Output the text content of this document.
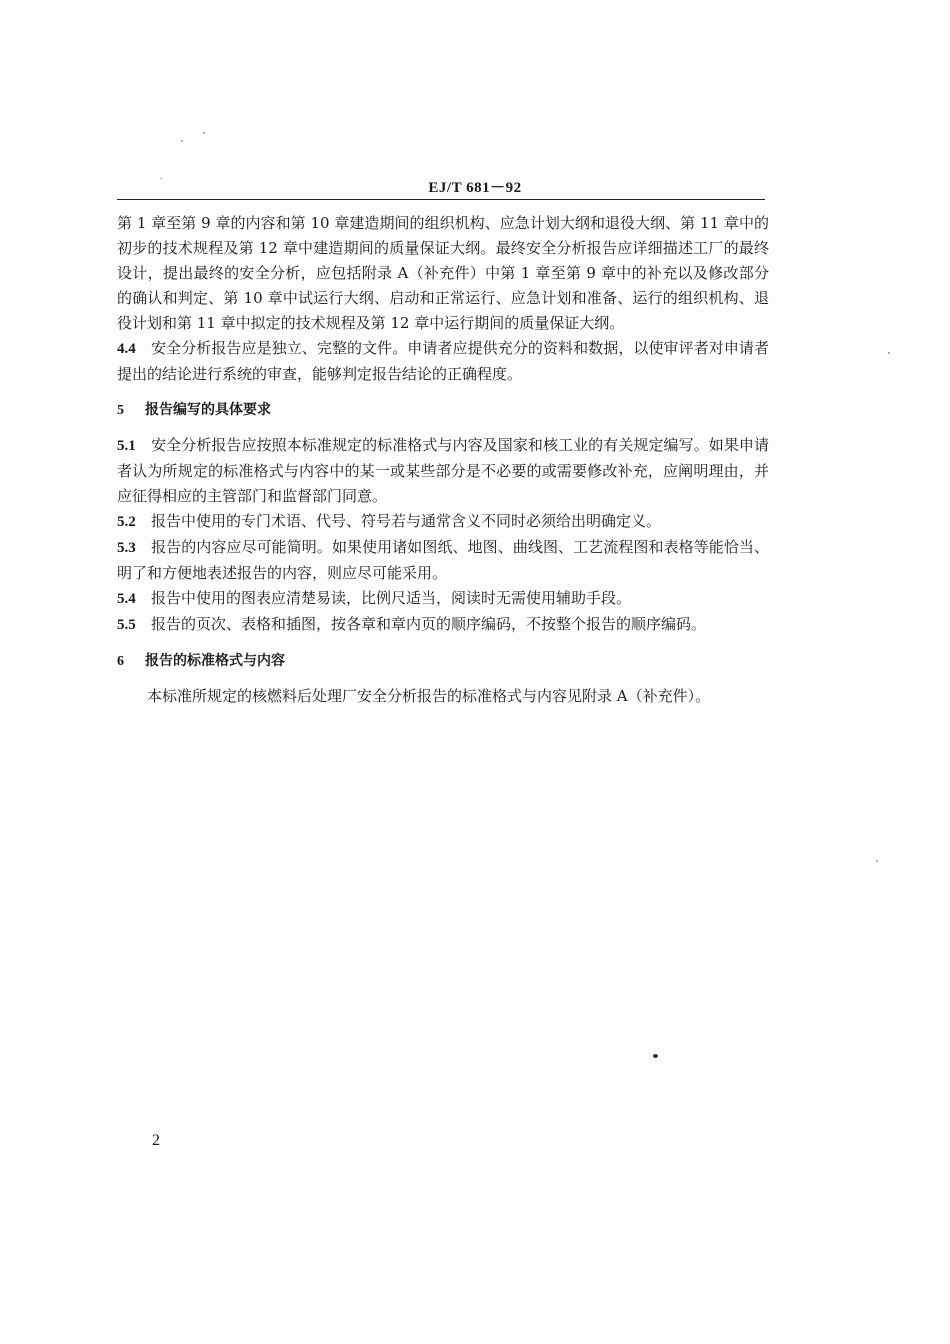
EJ/T 681－92

第 1 章至第 9 章的内容和第 10 章建造期间的组织机构、应急计划大纲和退役大纲、第 11 章中的初步的技术规程及第 12 章中建造期间的质量保证大纲。最终安全分析报告应详细描述工厂的最终设计，提出最终的安全分析，应包括附录 A（补充件）中第 1 章至第 9 章中的补充以及修改部分的确认和判定、第 10 章中试运行大纲、启动和正常运行、应急计划和准备、运行的组织机构、退役计划和第 11 章中拟定的技术规程及第 12 章中运行期间的质量保证大纲。

4.4 安全分析报告应是独立、完整的文件。申请者应提供充分的资料和数据，以使审评者对申请者提出的结论进行系统的审查，能够判定报告结论的正确程度。

5 报告编写的具体要求

5.1 安全分析报告应按照本标准规定的标准格式与内容及国家和核工业的有关规定编写。如果申请者认为所规定的标准格式与内容中的某一或某些部分是不必要的或需要修改补充，应阐明理由，并应征得相应的主管部门和监督部门同意。

5.2 报告中使用的专门术语、代号、符号若与通常含义不同时必须给出明确定义。

5.3 报告的内容应尽可能简明。如果使用诸如图纸、地图、曲线图、工艺流程图和表格等能恰当、明了和方便地表述报告的内容，则应尽可能采用。

5.4 报告中使用的图表应清楚易读，比例尺适当，阅读时无需使用辅助手段。

5.5 报告的页次、表格和插图，按各章和章内页的顺序编码，不按整个报告的顺序编码。

6 报告的标准格式与内容

本标准所规定的核燃料后处理厂安全分析报告的标准格式与内容见附录 A（补充件）。

2
